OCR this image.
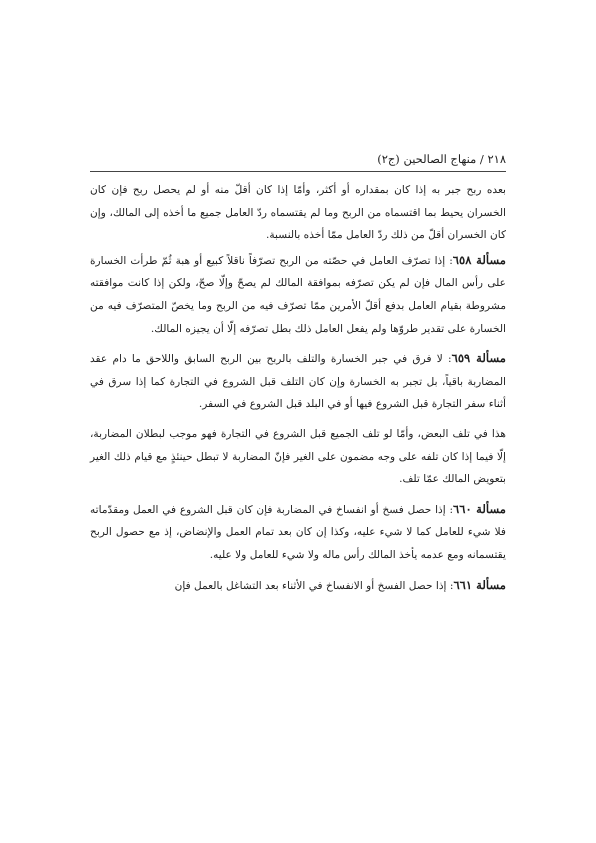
٢١٨ / منهاج الصالحين (ج٢)

بعده ربح جبر به إذا كان بمقداره أو أكثر، وأمّا إذا كان أقلّ منه أو لم يحصل ربح فإن كان الخسران يحيط بما اقتسماه من الربح وما لم يقتسماه ردّ العامل جميع ما أخذه إلى المالك، وإن كان الخسران أقلّ من ذلك ردّ العامل ممّا أخذه بالنسبة.

مسألة ٦٥٨: إذا تصرّف العامل في حصّته من الربح تصرّفاً ناقلاً كبيع أو هبة ثُمّ طرأت الخسارة على رأس المال فإن لم يكن تصرّفه بموافقة المالك لم يصحّ وإلّا صحّ، ولكن إذا كانت موافقته مشروطة بقيام العامل بدفع أقلّ الأمرين ممّا تصرّف فيه من الربح وما يخصّ المتصرّف فيه من الخسارة على تقدير طروّها ولم يفعل العامل ذلك بطل تصرّفه إلّا أن يجيزه المالك.

مسألة ٦٥٩: لا فرق في جبر الخسارة والتلف بالربح بين الربح السابق واللاحق ما دام عقد المضاربة باقياً، بل تجبر به الخسارة وإن كان التلف قبل الشروع في التجارة كما إذا سرق في أثناء سفر التجارة قبل الشروع فيها أو في البلد قبل الشروع في السفر.

هذا في تلف البعض، وأمّا لو تلف الجميع قبل الشروع في التجارة فهو موجب لبطلان المضاربة، إلّا فيما إذا كان تلفه على وجه مضمون على الغير فإنّ المضاربة لا تبطل حينئذٍ مع قيام ذلك الغير بتعويض المالك عمّا تلف.

مسألة ٦٦٠: إذا حصل فسخ أو انفساخ في المضاربة فإن كان قبل الشروع في العمل ومقدّماته فلا شيء للعامل كما لا شيء عليه، وكذا إن كان بعد تمام العمل والإنضاض، إذ مع حصول الربح يقتسمانه ومع عدمه يأخذ المالك رأس ماله ولا شيء للعامل ولا عليه.

مسألة ٦٦١: إذا حصل الفسخ أو الانفساخ في الأثناء بعد التشاغل بالعمل فإن
